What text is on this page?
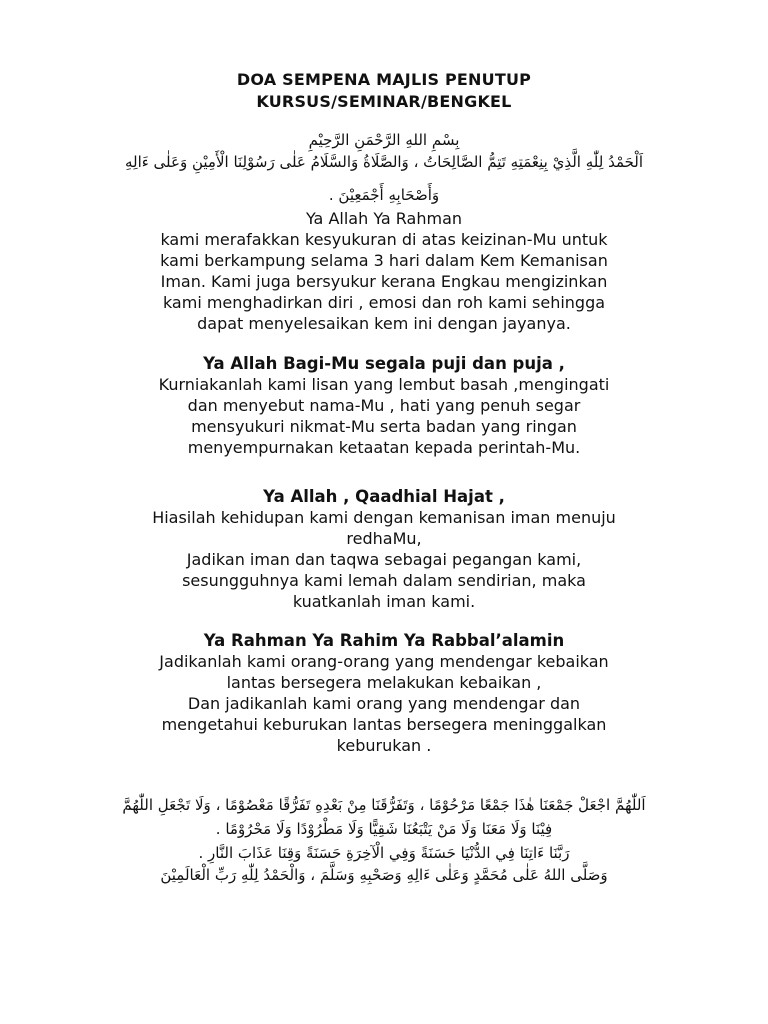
DOA SEMPENA MAJLIS PENUTUP
KURSUS/SEMINAR/BENGKEL
بِسْمِ اللهِ الرَّحْمَنِ الرَّحِيْمِ
اَلْحَمْدُ لِلّٰهِ الَّذِيْ بِنِعْمَتِهِ تَتِمُّ الصَّالِحَاتُ ، وَالصَّلَاةُ وَالسَّلَامُ عَلٰى رَسُوْلِنَا الْأَمِيْنِ وَعَلٰى ءَالِهِ
وَأَصْحَابِهِ أَجْمَعِيْنَ .
Ya Allah Ya Rahman
kami merafakkan kesyukuran di atas keizinan-Mu untuk
kami berkampung selama 3 hari dalam Kem Kemanisan
Iman. Kami juga bersyukur kerana Engkau mengizinkan
kami menghadirkan diri , emosi dan roh kami sehingga
dapat menyelesaikan kem ini dengan jayanya.
Ya Allah Bagi-Mu segala puji dan puja ,
Kurniakanlah kami lisan yang lembut basah ,mengingati
dan menyebut nama-Mu , hati yang penuh segar
mensyukuri nikmat-Mu serta badan yang ringan
menyempurnakan ketaatan kepada perintah-Mu.
Ya Allah , Qaadhial Hajat ,
Hiasilah kehidupan kami dengan kemanisan iman menuju
redhaMu,
Jadikan iman dan taqwa sebagai pegangan kami,
sesungguhnya kami lemah dalam sendirian, maka
kuatkanlah iman kami.
Ya Rahman Ya Rahim Ya Rabbal’alamin
Jadikanlah kami orang-orang yang mendengar kebaikan
lantas bersegera melakukan kebaikan ,
Dan jadikanlah kami orang yang mendengar dan
mengetahui keburukan lantas bersegera meninggalkan
keburukan .
اَللّٰهُمَّ اجْعَلْ جَمْعَنَا هٰذَا جَمْعًا مَرْحُوْمًا ، وَتَفَرُّقَنَا مِنْ بَعْدِهِ تَفَرُّقًا مَعْصُوْمًا ، وَلَا تَجْعَلِ اللّٰهُمَّ
فِيْنَا وَلَا مَعَنَا وَلَا مَنْ يَتْبَعُنَا شَقِيًّا وَلَا مَطْرُوْدًا وَلَا مَحْرُوْمًا .
رَبَّنَا ءَاتِنَا فِي الدُّنْيَا حَسَنَةً وَفِي الْآخِرَةِ حَسَنَةً وَقِنَا عَذَابَ النَّارِ .
وَصَلَّى اللهُ عَلٰى مُحَمَّدٍ وَعَلٰى ءَالِهِ وَصَحْبِهِ وَسَلَّمَ ، وَالْحَمْدُ لِلّٰهِ رَبِّ الْعَالَمِيْنَ
